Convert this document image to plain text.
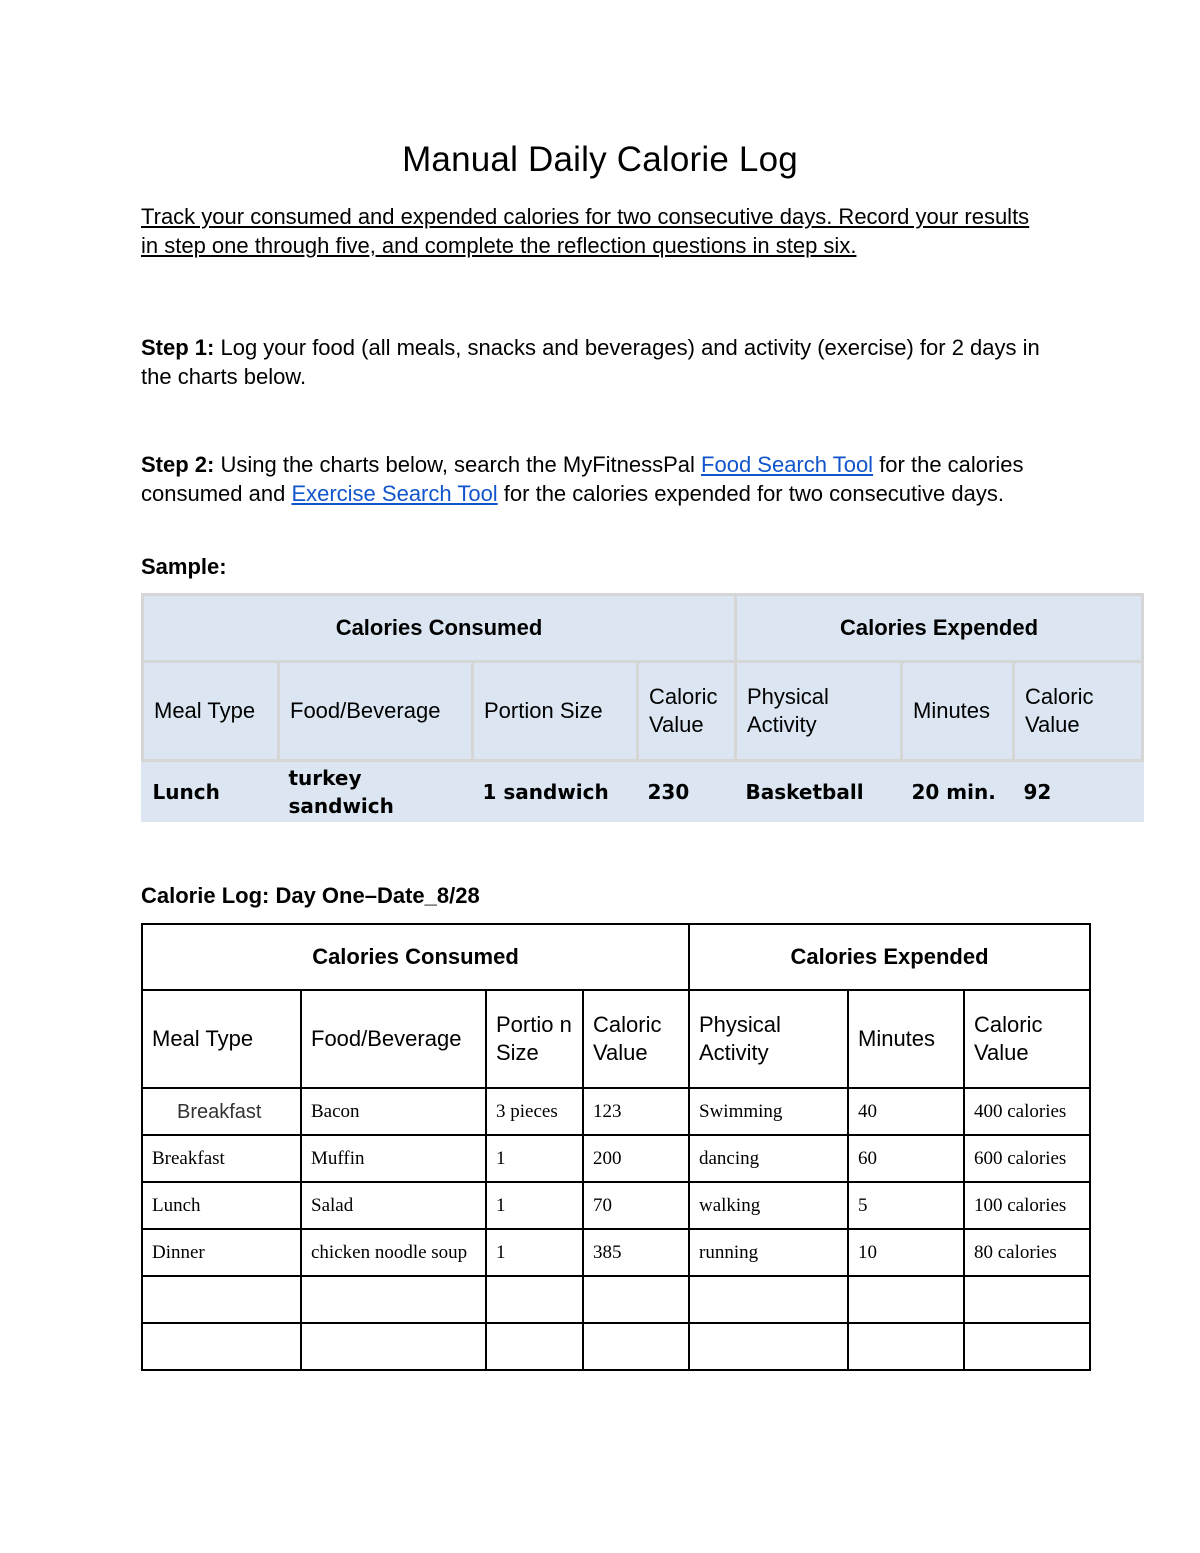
Manual Daily Calorie Log

Track your consumed and expended calories for two consecutive days. Record your results in step one through five, and complete the reflection questions in step six.

Step 1: Log your food (all meals, snacks and beverages) and activity (exercise) for 2 days in the charts below.

Step 2: Using the charts below, search the MyFitnessPal Food Search Tool for the calories consumed and Exercise Search Tool for the calories expended for two consecutive days.

Sample:

Calories Consumed				Calories Expended		
Meal Type	Food/Beverage	Portion Size	Caloric Value	Physical Activity	Minutes	Caloric Value
Lunch	turkey sandwich	1 sandwich	230	Basketball	20 min.	92

Calorie Log: Day One–Date_8/28

Calories Consumed				Calories Expended		
Meal Type	Food/Beverage	Portio n Size	Caloric Value	Physical Activity	Minutes	Caloric Value
Breakfast	Bacon	3 pieces	123	Swimming	40	400 calories
Breakfast	Muffin	1	200	dancing	60	600 calories
Lunch	Salad	1	70	walking	5	100 calories
Dinner	chicken noodle soup	1	385	running	10	80 calories
